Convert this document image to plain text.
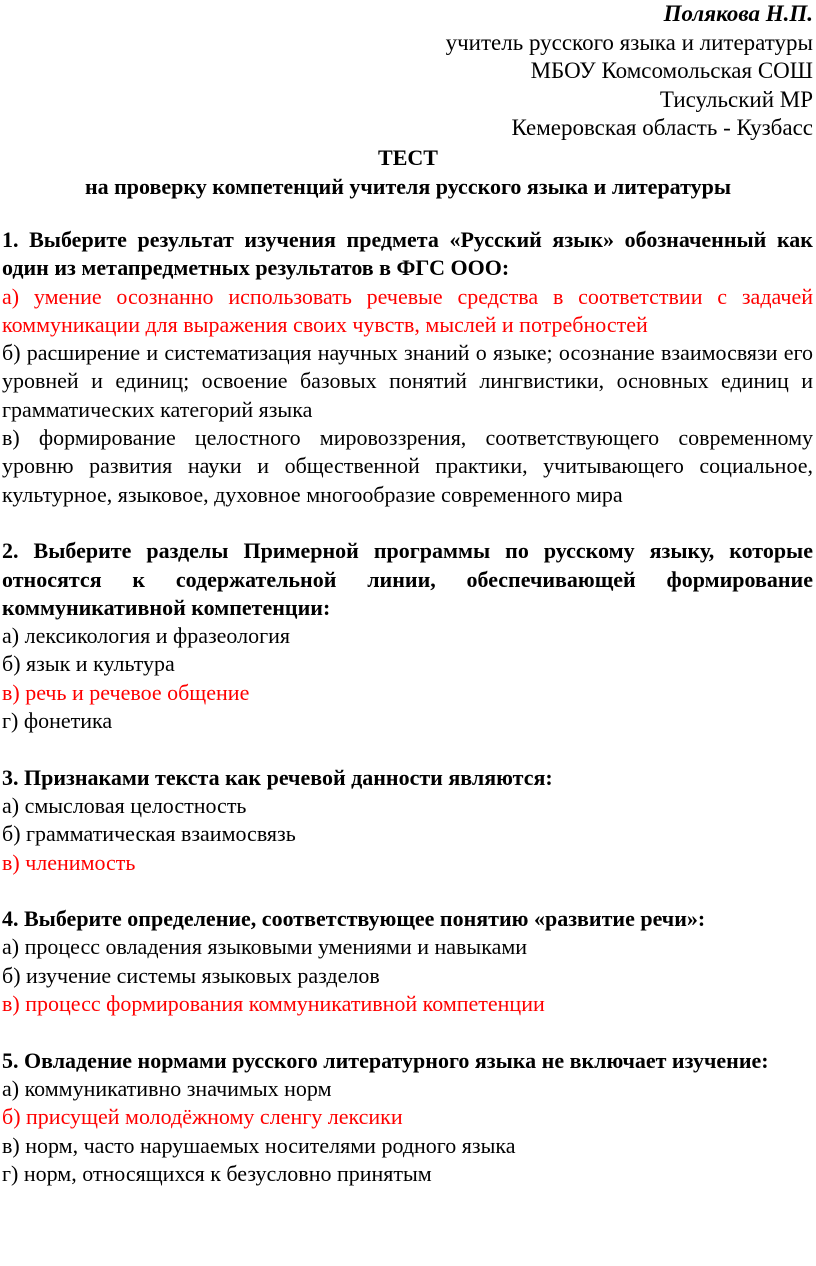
Полякова Н.П.
учитель русского языка и литературы
МБОУ Комсомольская СОШ
Тисульский МР
Кемеровская область - Кузбасс
ТЕСТ
на проверку компетенций учителя русского языка и литературы
1. Выберите результат изучения предмета «Русский язык» обозначенный как один из метапредметных результатов в ФГС ООО:
а) умение осознанно использовать речевые средства в соответствии с задачей коммуникации для выражения своих чувств, мыслей и потребностей
б) расширение и систематизация научных знаний о языке; осознание взаимосвязи его уровней и единиц; освоение базовых понятий лингвистики, основных единиц и грамматических категорий языка
в) формирование целостного мировоззрения, соответствующего современному уровню развития науки и общественной практики, учитывающего социальное, культурное, языковое, духовное многообразие современного мира
2. Выберите разделы Примерной программы по русскому языку, которые относятся к содержательной линии, обеспечивающей формирование коммуникативной компетенции:
а) лексикология и фразеология
б) язык и культура
в) речь и речевое общение
г) фонетика
3. Признаками текста как речевой данности являются:
а) смысловая целостность
б) грамматическая взаимосвязь
в) членимость
4. Выберите определение, соответствующее понятию «развитие речи»:
а) процесс овладения языковыми умениями и навыками
б) изучение системы языковых разделов
в) процесс формирования коммуникативной компетенции
5. Овладение нормами русского литературного языка не включает изучение:
а) коммуникативно значимых норм
б) присущей молодёжному сленгу лексики
в) норм, часто нарушаемых носителями родного языка
г) норм, относящихся к безусловно принятым
